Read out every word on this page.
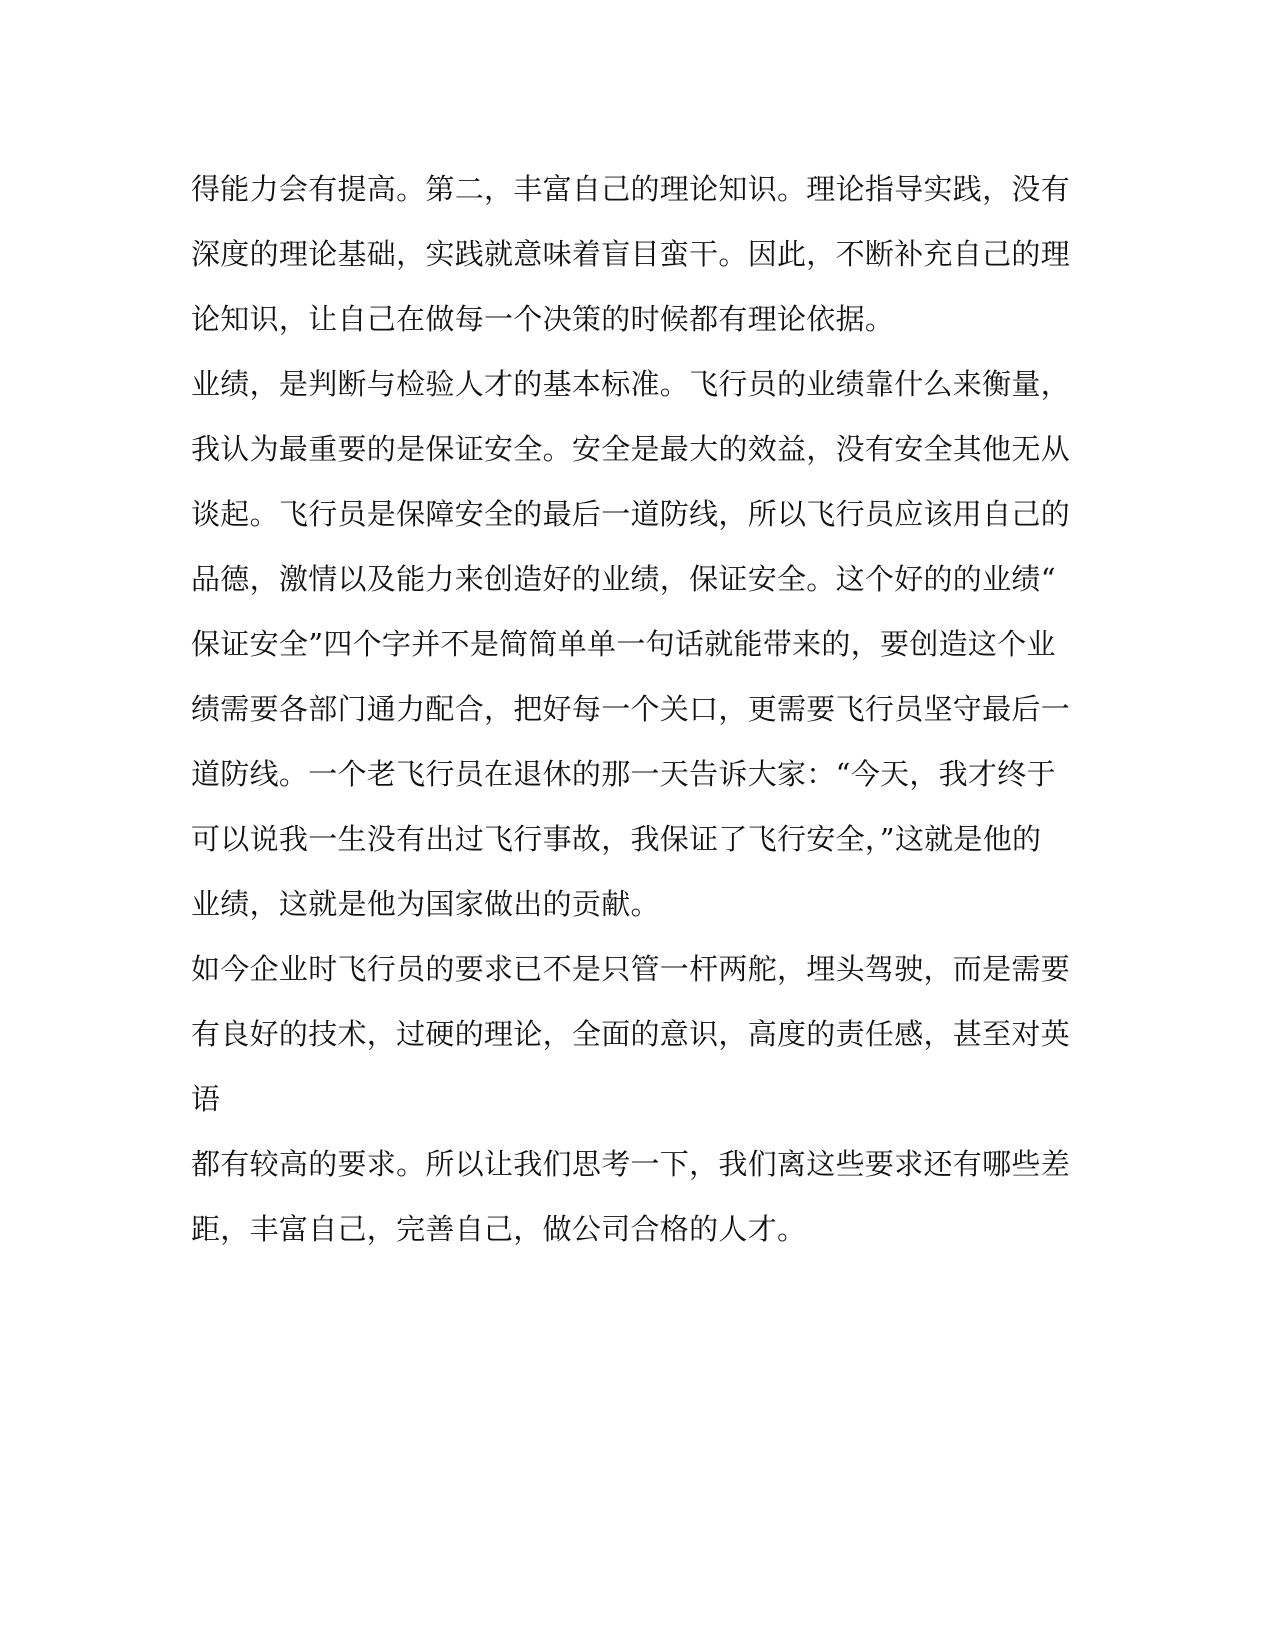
得能力会有提高。第二，丰富自己的理论知识。理论指导实践，没有
深度的理论基础，实践就意味着盲目蛮干。因此，不断补充自己的理
论知识，让自己在做每一个决策的时候都有理论依据。
业绩，是判断与检验人才的基本标准。飞行员的业绩靠什么来衡量，
我认为最重要的是保证安全。安全是最大的效益，没有安全其他无从
谈起。飞行员是保障安全的最后一道防线，所以飞行员应该用自己的
品德，激情以及能力来创造好的业绩，保证安全。这个好的的业绩“
保证安全”四个字并不是简简单单一句话就能带来的，要创造这个业
绩需要各部门通力配合，把好每一个关口，更需要飞行员坚守最后一
道防线。一个老飞行员在退休的那一天告诉大家：“今天，我才终于
可以说我一生没有出过飞行事故，我保证了飞行安全，”这就是他的
业绩，这就是他为国家做出的贡献。
如今企业时飞行员的要求已不是只管一杆两舵，埋头驾驶，而是需要
有良好的技术，过硬的理论，全面的意识，高度的责任感，甚至对英
语
都有较高的要求。所以让我们思考一下，我们离这些要求还有哪些差
距，丰富自己，完善自己，做公司合格的人才。
